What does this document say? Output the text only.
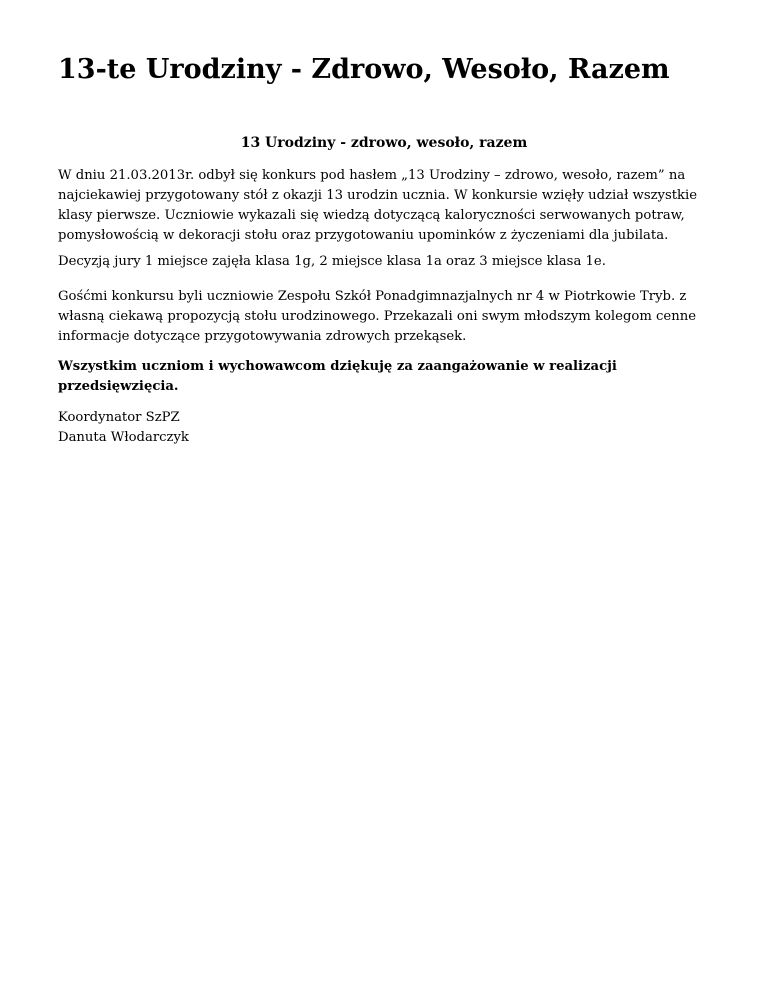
13-te Urodziny - Zdrowo, Wesoło, Razem

13 Urodziny - zdrowo, wesoło, razem

W dniu 21.03.2013r. odbył się konkurs pod hasłem „13 Urodziny – zdrowo, wesoło, razem” na najciekawiej przygotowany stół z okazji 13 urodzin ucznia. W konkursie wzięły udział wszystkie klasy pierwsze. Uczniowie wykazali się wiedzą dotyczącą kaloryczności serwowanych potraw, pomysłowością w dekoracji stołu oraz przygotowaniu upominków z życzeniami dla jubilata.

Decyzją jury 1 miejsce zajęła klasa 1g, 2 miejsce klasa 1a oraz 3 miejsce klasa 1e.

Gośćmi konkursu byli uczniowie Zespołu Szkół Ponadgimnazjalnych nr 4 w Piotrkowie Tryb. z własną ciekawą propozycją stołu urodzinowego. Przekazali oni swym młodszym kolegom cenne informacje dotyczące przygotowywania zdrowych przekąsek.

Wszystkim uczniom i wychowawcom dziękuję za zaangażowanie w realizacji przedsięwzięcia.

Koordynator SzPZ
Danuta Włodarczyk
